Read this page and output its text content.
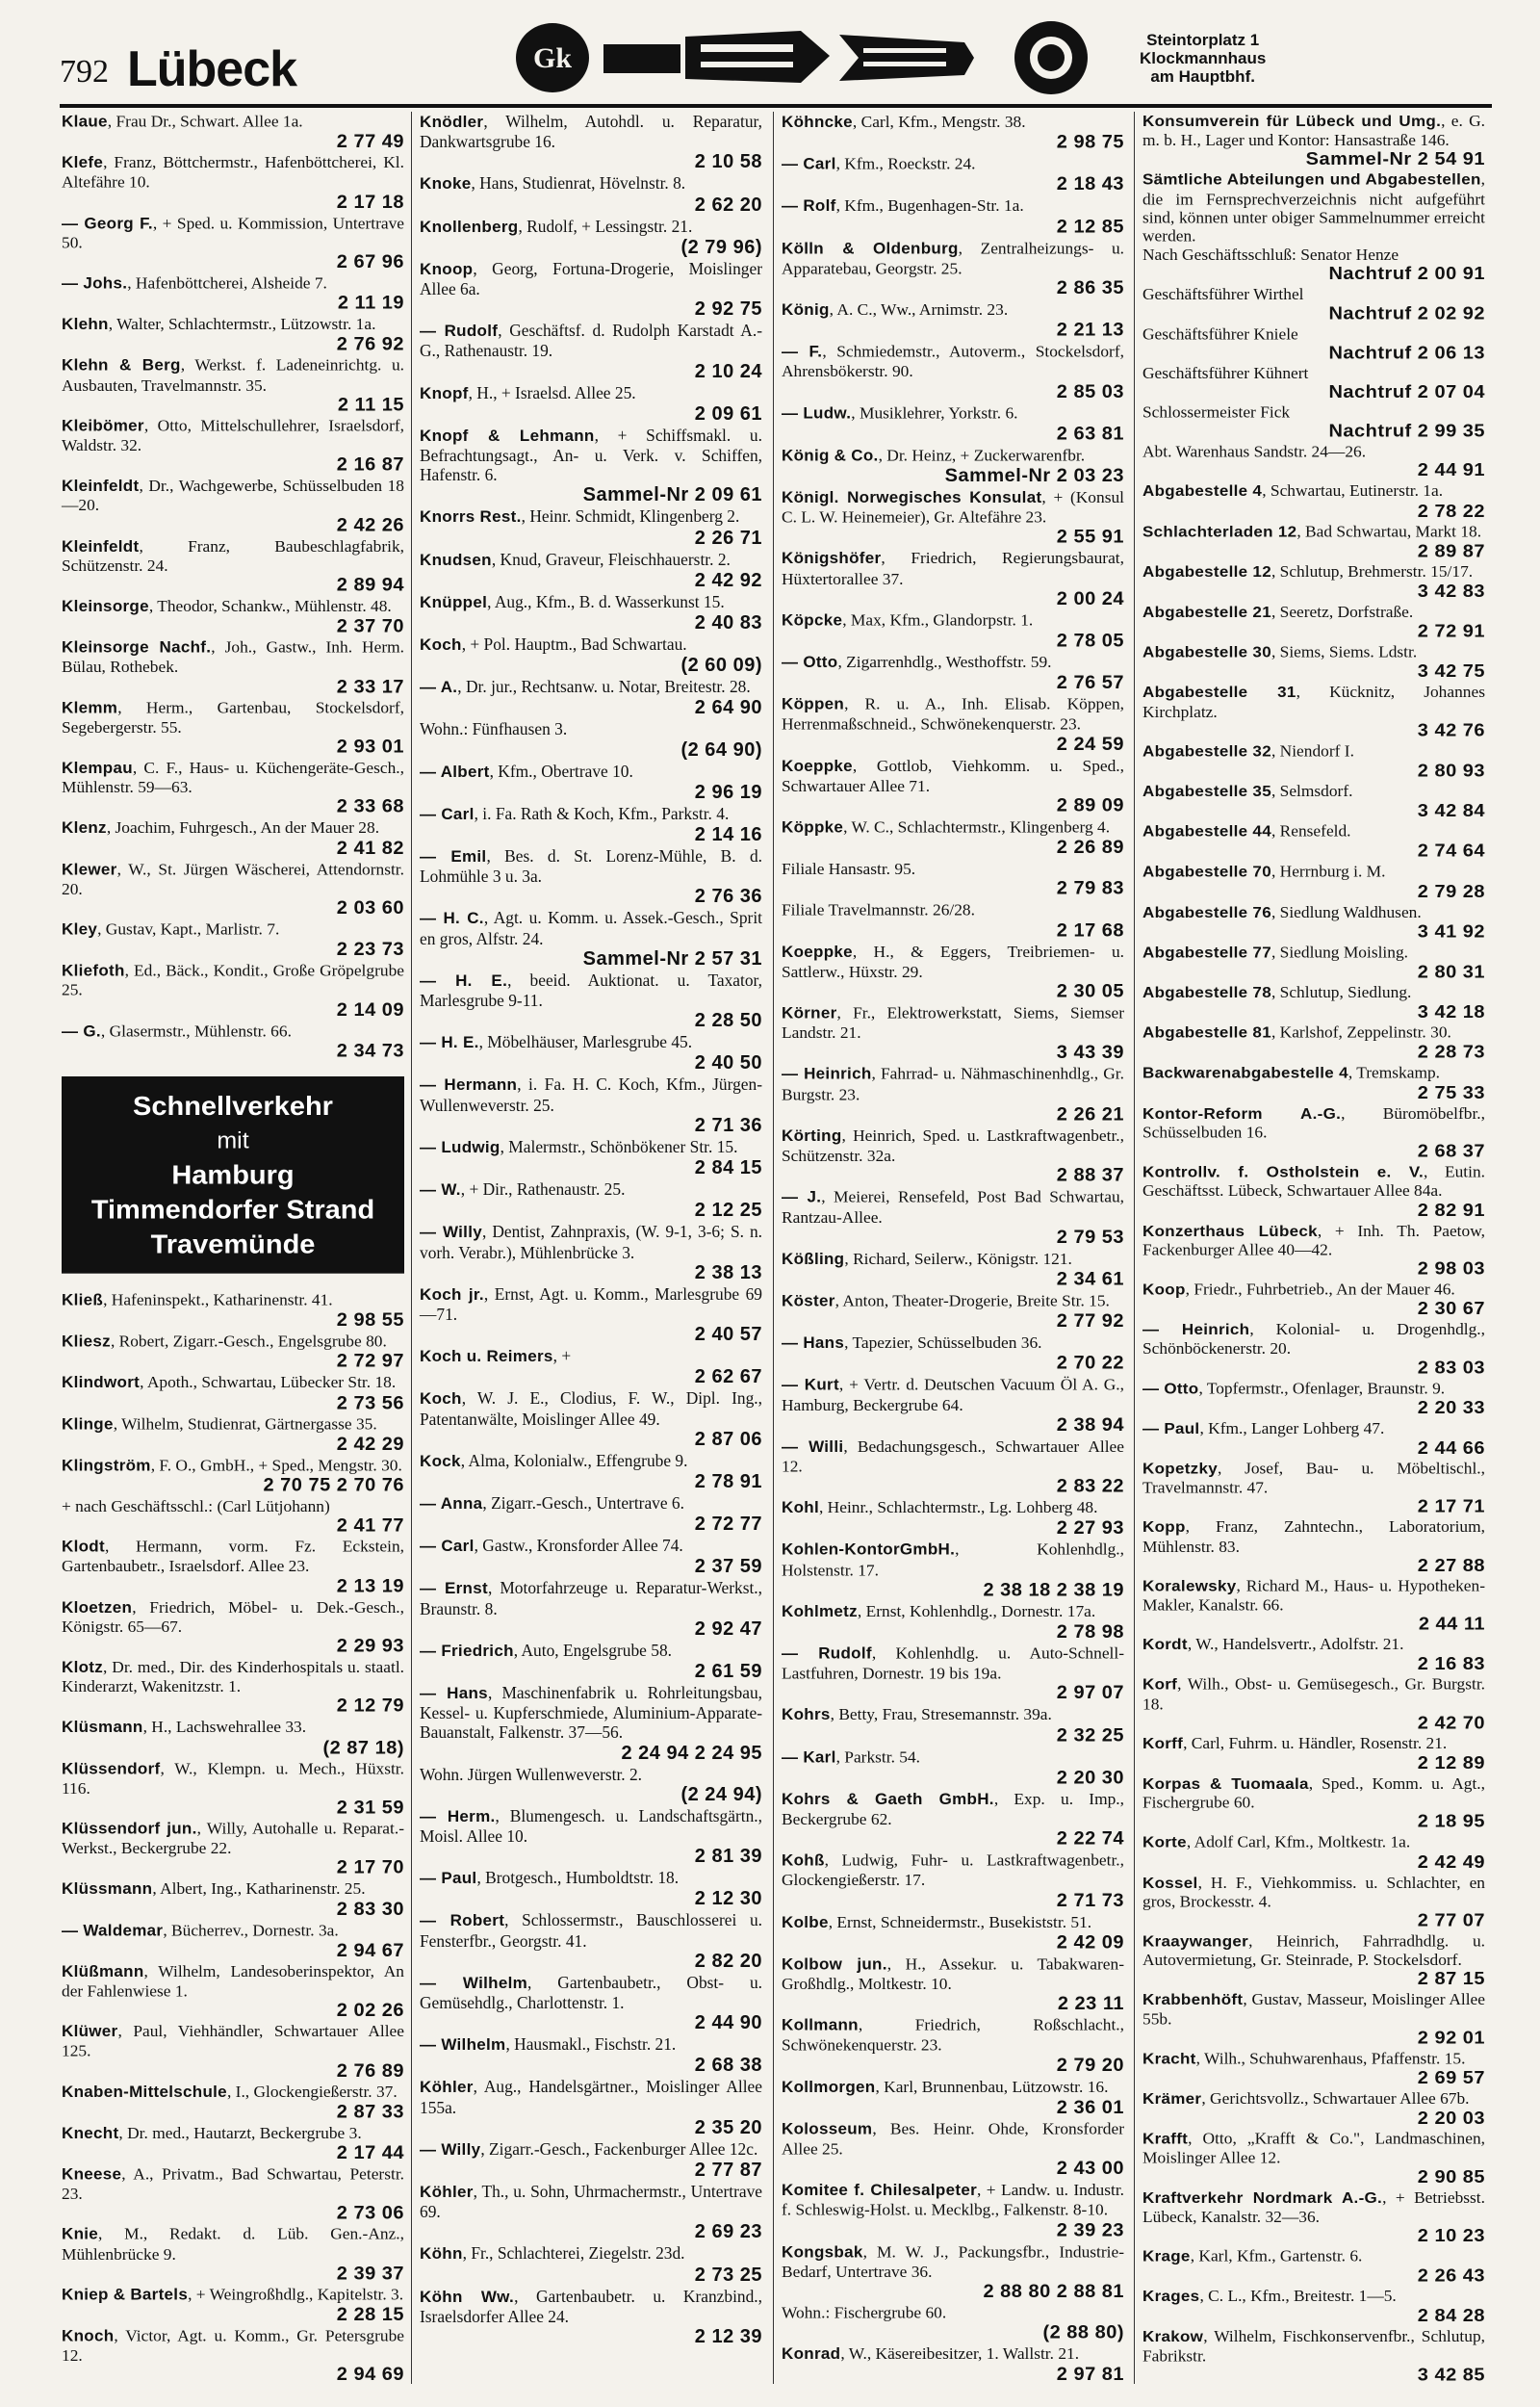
792 Lübeck	Gk
Steintorplatz 1
Klockmannhaus
am Hauptbhf.
Klaue, Frau Dr., Schwart. Allee 1a.
2 77 49
Klefe, Franz, Böttchermstr., Hafenböttcherei, Kl. Altefähre 10.
2 17 18
— Georg F., + Sped. u. Kommission, Untertrave 50.
2 67 96
— Johs., Hafenböttcherei, Alsheide 7.
2 11 19
Klehn, Walter, Schlachtermstr., Lützowstr. 1a.
2 76 92
Klehn & Berg, Werkst. f. Ladeneinrichtg. u. Ausbauten, Travelmannstr. 35.
2 11 15
Kleibömer, Otto, Mittelschullehrer, Israelsdorf, Waldstr. 32.
2 16 87
Kleinfeldt, Dr., Wachgewerbe, Schüsselbuden 18—20.
2 42 26
Kleinfeldt, Franz, Baubeschlagfabrik, Schützenstr. 24.
2 89 94
Kleinsorge, Theodor, Schankw., Mühlenstr. 48.
2 37 70
Kleinsorge Nachf., Joh., Gastw., Inh. Herm. Bülau, Rothebek.
2 33 17
Klemm, Herm., Gartenbau, Stockelsdorf, Segebergerstr. 55.
2 93 01
Klempau, C. F., Haus- u. Küchengeräte-Gesch., Mühlenstr. 59—63.
2 33 68
Klenz, Joachim, Fuhrgesch., An der Mauer 28.
2 41 82
Klewer, W., St. Jürgen Wäscherei, Attendornstr. 20.
2 03 60
Kley, Gustav, Kapt., Marlistr. 7.
2 23 73
Kliefoth, Ed., Bäck., Kondit., Große Gröpelgrube 25.
2 14 09
— G., Glasermstr., Mühlenstr. 66.
2 34 73
Schnellverkehr
mit
Hamburg
Timmendorfer Strand
Travemünde
Kließ, Hafeninspekt., Katharinenstr. 41.
2 98 55
Kliesz, Robert, Zigarr.-Gesch., Engelsgrube 80.
2 72 97
Klindwort, Apoth., Schwartau, Lübecker Str. 18.
2 73 56
Klinge, Wilhelm, Studienrat, Gärtnergasse 35.
2 42 29
Klingström, F. O., GmbH., + Sped., Mengstr. 30.
2 70 75 2 70 76
+ nach Geschäftsschl.: (Carl Lütjohann)
2 41 77
Klodt, Hermann, vorm. Fz. Eckstein, Gartenbaubetr., Israelsdorf. Allee 23.
2 13 19
Kloetzen, Friedrich, Möbel- u. Dek.-Gesch., Königstr. 65—67.
2 29 93
Klotz, Dr. med., Dir. des Kinderhospitals u. staatl. Kinderarzt, Wakenitzstr. 1.
2 12 79
Klüsmann, H., Lachswehrallee 33.
(2 87 18)
Klüssendorf, W., Klempn. u. Mech., Hüxstr. 116.
2 31 59
Klüssendorf jun., Willy, Autohalle u. Reparat.-Werkst., Beckergrube 22.
2 17 70
Klüssmann, Albert, Ing., Katharinenstr. 25.
2 83 30
— Waldemar, Bücherrev., Dornestr. 3a.
2 94 67
Klüßmann, Wilhelm, Landesoberinspektor, An der Fahlenwiese 1.
2 02 26
Klüwer, Paul, Viehhändler, Schwartauer Allee 125.
2 76 89
Knaben-Mittelschule, I., Glockengießerstr. 37.
2 87 33
Knecht, Dr. med., Hautarzt, Beckergrube 3.
2 17 44
Kneese, A., Privatm., Bad Schwartau, Peterstr. 23.
2 73 06
Knie, M., Redakt. d. Lüb. Gen.-Anz., Mühlenbrücke 9.
2 39 37
Kniep & Bartels, + Weingroßhdlg., Kapitelstr. 3.
2 28 15
Knoch, Victor, Agt. u. Komm., Gr. Petersgrube 12.
2 94 69
Knödler, Wilhelm, Autohdl. u. Reparatur, Dankwartsgrube 16.
2 10 58
Knoke, Hans, Studienrat, Hövelnstr. 8.
2 62 20
Knollenberg, Rudolf, + Lessingstr. 21.
(2 79 96)
Knoop, Georg, Fortuna-Drogerie, Moislinger Allee 6a.
2 92 75
— Rudolf, Geschäftsf. d. Rudolph Karstadt A.-G., Rathenaustr. 19.
2 10 24
Knopf, H., + Israelsd. Allee 25.
2 09 61
Knopf & Lehmann, + Schiffsmakl. u. Befrachtungsagt., An- u. Verk. v. Schiffen, Hafenstr. 6.
Sammel-Nr 2 09 61
Knorrs Rest., Heinr. Schmidt, Klingenberg 2.
2 26 71
Knudsen, Knud, Graveur, Fleischhauerstr. 2.
2 42 92
Knüppel, Aug., Kfm., B. d. Wasserkunst 15.
2 40 83
Koch, + Pol. Hauptm., Bad Schwartau.
(2 60 09)
— A., Dr. jur., Rechtsanw. u. Notar, Breitestr. 28.
2 64 90
Wohn.: Fünfhausen 3.
(2 64 90)
— Albert, Kfm., Obertrave 10.
2 96 19
— Carl, i. Fa. Rath & Koch, Kfm., Parkstr. 4.
2 14 16
— Emil, Bes. d. St. Lorenz-Mühle, B. d. Lohmühle 3 u. 3a.
2 76 36
— H. C., Agt. u. Komm. u. Assek.-Gesch., Sprit en gros, Alfstr. 24.
Sammel-Nr 2 57 31
— H. E., beeid. Auktionat. u. Taxator, Marlesgrube 9-11.
2 28 50
— H. E., Möbelhäuser, Marlesgrube 45.
2 40 50
— Hermann, i. Fa. H. C. Koch, Kfm., Jürgen-Wullenweverstr. 25.
2 71 36
— Ludwig, Malermstr., Schönbökener Str. 15.
2 84 15
— W., + Dir., Rathenaustr. 25.
2 12 25
— Willy, Dentist, Zahnpraxis, (W. 9-1, 3-6; S. n. vorh. Verabr.), Mühlenbrücke 3.
2 38 13
Koch jr., Ernst, Agt. u. Komm., Marlesgrube 69—71.
2 40 57
Koch u. Reimers, +
2 62 67
Koch, W. J. E., Clodius, F. W., Dipl. Ing., Patentanwälte, Moislinger Allee 49.
2 87 06
Kock, Alma, Kolonialw., Effengrube 9.
2 78 91
— Anna, Zigarr.-Gesch., Untertrave 6.
2 72 77
— Carl, Gastw., Kronsforder Allee 74.
2 37 59
— Ernst, Motorfahrzeuge u. Reparatur-Werkst., Braunstr. 8.
2 92 47
— Friedrich, Auto, Engelsgrube 58.
2 61 59
— Hans, Maschinenfabrik u. Rohrleitungsbau, Kessel- u. Kupferschmiede, Aluminium-Apparate-Bauanstalt, Falkenstr. 37—56.
2 24 94 2 24 95
Wohn. Jürgen Wullenweverstr. 2.
(2 24 94)
— Herm., Blumengesch. u. Landschaftsgärtn., Moisl. Allee 10.
2 81 39
— Paul, Brotgesch., Humboldtstr. 18.
2 12 30
— Robert, Schlossermstr., Bauschlosserei u. Fensterfbr., Georgstr. 41.
2 82 20
— Wilhelm, Gartenbaubetr., Obst- u. Gemüsehdlg., Charlottenstr. 1.
2 44 90
— Wilhelm, Hausmakl., Fischstr. 21.
2 68 38
Köhler, Aug., Handelsgärtner., Moislinger Allee 155a.
2 35 20
— Willy, Zigarr.-Gesch., Fackenburger Allee 12c.
2 77 87
Köhler, Th., u. Sohn, Uhrmachermstr., Untertrave 69.
2 69 23
Köhn, Fr., Schlachterei, Ziegelstr. 23d.
2 73 25
Köhn Ww., Gartenbaubetr. u. Kranzbind., Israelsdorfer Allee 24.
2 12 39
Köhncke, Carl, Kfm., Mengstr. 38.
2 98 75
— Carl, Kfm., Roeckstr. 24.
2 18 43
— Rolf, Kfm., Bugenhagen-Str. 1a.
2 12 85
Kölln & Oldenburg, Zentralheizungs- u. Apparatebau, Georgstr. 25.
2 86 35
König, A. C., Ww., Arnimstr. 23.
2 21 13
— F., Schmiedemstr., Autoverm., Stockelsdorf, Ahrensbökerstr. 90.
2 85 03
— Ludw., Musiklehrer, Yorkstr. 6.
2 63 81
König & Co., Dr. Heinz, + Zuckerwarenfbr.
Sammel-Nr 2 03 23
Königl. Norwegisches Konsulat, + (Konsul C. L. W. Heinemeier), Gr. Altefähre 23.
2 55 91
Königshöfer, Friedrich, Regierungsbaurat, Hüxtertorallee 37.
2 00 24
Köpcke, Max, Kfm., Glandorpstr. 1.
2 78 05
— Otto, Zigarrenhdlg., Westhoffstr. 59.
2 76 57
Köppen, R. u. A., Inh. Elisab. Köppen, Herrenmaßschneid., Schwönekenquerstr. 23.
2 24 59
Koeppke, Gottlob, Viehkomm. u. Sped., Schwartauer Allee 71.
2 89 09
Köppke, W. C., Schlachtermstr., Klingenberg 4.
2 26 89
Filiale Hansastr. 95.
2 79 83
Filiale Travelmannstr. 26/28.
2 17 68
Koeppke, H., & Eggers, Treibriemen- u. Sattlerw., Hüxstr. 29.
2 30 05
Körner, Fr., Elektrowerkstatt, Siems, Siemser Landstr. 21.
3 43 39
— Heinrich, Fahrrad- u. Nähmaschinenhdlg., Gr. Burgstr. 23.
2 26 21
Körting, Heinrich, Sped. u. Lastkraftwagenbetr., Schützenstr. 32a.
2 88 37
— J., Meierei, Rensefeld, Post Bad Schwartau, Rantzau-Allee.
2 79 53
Kößling, Richard, Seilerw., Königstr. 121.
2 34 61
Köster, Anton, Theater-Drogerie, Breite Str. 15.
2 77 92
— Hans, Tapezier, Schüsselbuden 36.
2 70 22
— Kurt, + Vertr. d. Deutschen Vacuum Öl A. G., Hamburg, Beckergrube 64.
2 38 94
— Willi, Bedachungsgesch., Schwartauer Allee 12.
2 83 22
Kohl, Heinr., Schlachtermstr., Lg. Lohberg 48.
2 27 93
Kohlen-KontorGmbH., Kohlenhdlg., Holstenstr. 17.
2 38 18 2 38 19
Kohlmetz, Ernst, Kohlenhdlg., Dornestr. 17a.
2 78 98
— Rudolf, Kohlenhdlg. u. Auto-Schnell-Lastfuhren, Dornestr. 19 bis 19a.
2 97 07
Kohrs, Betty, Frau, Stresemannstr. 39a.
2 32 25
— Karl, Parkstr. 54.
2 20 30
Kohrs & Gaeth GmbH., Exp. u. Imp., Beckergrube 62.
2 22 74
Kohß, Ludwig, Fuhr- u. Lastkraftwagenbetr., Glockengießerstr. 17.
2 71 73
Kolbe, Ernst, Schneidermstr., Busekiststr. 51.
2 42 09
Kolbow jun., H., Assekur. u. Tabakwaren-Großhdlg., Moltkestr. 10.
2 23 11
Kollmann, Friedrich, Roßschlacht., Schwönekenquerstr. 23.
2 79 20
Kollmorgen, Karl, Brunnenbau, Lützowstr. 16.
2 36 01
Kolosseum, Bes. Heinr. Ohde, Kronsforder Allee 25.
2 43 00
Komitee f. Chilesalpeter, + Landw. u. Industr. f. Schleswig-Holst. u. Mecklbg., Falkenstr. 8-10.
2 39 23
Kongsbak, M. W. J., Packungsfbr., Industrie-Bedarf, Untertrave 36.
2 88 80 2 88 81
Wohn.: Fischergrube 60.
(2 88 80)
Konrad, W., Käsereibesitzer, 1. Wallstr. 21.
2 97 81
Konsumverein für Lübeck und Umg., e. G. m. b. H., Lager und Kontor: Hansastraße 146.
Sammel-Nr 2 54 91
Sämtliche Abteilungen und Abgabestellen, die im Fernsprechverzeichnis nicht aufgeführt sind, können unter obiger Sammelnummer erreicht werden.
Nach Geschäftsschluß: Senator Henze
Nachtruf 2 00 91
Geschäftsführer Wirthel
Nachtruf 2 02 92
Geschäftsführer Kniele
Nachtruf 2 06 13
Geschäftsführer Kühnert
Nachtruf 2 07 04
Schlossermeister Fick
Nachtruf 2 99 35
Abt. Warenhaus Sandstr. 24—26.
2 44 91
Abgabestelle 4, Schwartau, Eutinerstr. 1a.
2 78 22
Schlachterladen 12, Bad Schwartau, Markt 18.
2 89 87
Abgabestelle 12, Schlutup, Brehmerstr. 15/17.
3 42 83
Abgabestelle 21, Seeretz, Dorfstraße.
2 72 91
Abgabestelle 30, Siems, Siems. Ldstr.
3 42 75
Abgabestelle 31, Kücknitz, Johannes Kirchplatz.
3 42 76
Abgabestelle 32, Niendorf I.
2 80 93
Abgabestelle 35, Selmsdorf.
3 42 84
Abgabestelle 44, Rensefeld.
2 74 64
Abgabestelle 70, Herrnburg i. M.
2 79 28
Abgabestelle 76, Siedlung Waldhusen.
3 41 92
Abgabestelle 77, Siedlung Moisling.
2 80 31
Abgabestelle 78, Schlutup, Siedlung.
3 42 18
Abgabestelle 81, Karlshof, Zeppelinstr. 30.
2 28 73
Backwarenabgabestelle 4, Tremskamp.
2 75 33
Kontor-Reform A.-G., Büromöbelfbr., Schüsselbuden 16.
2 68 37
Kontrollv. f. Ostholstein e. V., Eutin. Geschäftsst. Lübeck, Schwartauer Allee 84a.
2 82 91
Konzerthaus Lübeck, + Inh. Th. Paetow, Fackenburger Allee 40—42.
2 98 03
Koop, Friedr., Fuhrbetrieb., An der Mauer 46.
2 30 67
— Heinrich, Kolonial- u. Drogenhdlg., Schönböckenerstr. 20.
2 83 03
— Otto, Topfermstr., Ofenlager, Braunstr. 9.
2 20 33
— Paul, Kfm., Langer Lohberg 47.
2 44 66
Kopetzky, Josef, Bau- u. Möbeltischl., Travelmannstr. 47.
2 17 71
Kopp, Franz, Zahntechn., Laboratorium, Mühlenstr. 83.
2 27 88
Koralewsky, Richard M., Haus- u. Hypotheken-Makler, Kanalstr. 66.
2 44 11
Kordt, W., Handelsvertr., Adolfstr. 21.
2 16 83
Korf, Wilh., Obst- u. Gemüsegesch., Gr. Burgstr. 18.
2 42 70
Korff, Carl, Fuhrm. u. Händler, Rosenstr. 21.
2 12 89
Korpas & Tuomaala, Sped., Komm. u. Agt., Fischergrube 60.
2 18 95
Korte, Adolf Carl, Kfm., Moltkestr. 1a.
2 42 49
Kossel, H. F., Viehkommiss. u. Schlachter, en gros, Brockesstr. 4.
2 77 07
Kraaywanger, Heinrich, Fahrradhdlg. u. Autovermietung, Gr. Steinrade, P. Stockelsdorf.
2 87 15
Krabbenhöft, Gustav, Masseur, Moislinger Allee 55b.
2 92 01
Kracht, Wilh., Schuhwarenhaus, Pfaffenstr. 15.
2 69 57
Krämer, Gerichtsvollz., Schwartauer Allee 67b.
2 20 03
Krafft, Otto, „Krafft & Co.", Landmaschinen, Moislinger Allee 12.
2 90 85
Kraftverkehr Nordmark A.-G., + Betriebsst. Lübeck, Kanalstr. 32—36.
2 10 23
Krage, Karl, Kfm., Gartenstr. 6.
2 26 43
Krages, C. L., Kfm., Breitestr. 1—5.
2 84 28
Krakow, Wilhelm, Fischkonservenfbr., Schlutup, Fabrikstr.
3 42 85
